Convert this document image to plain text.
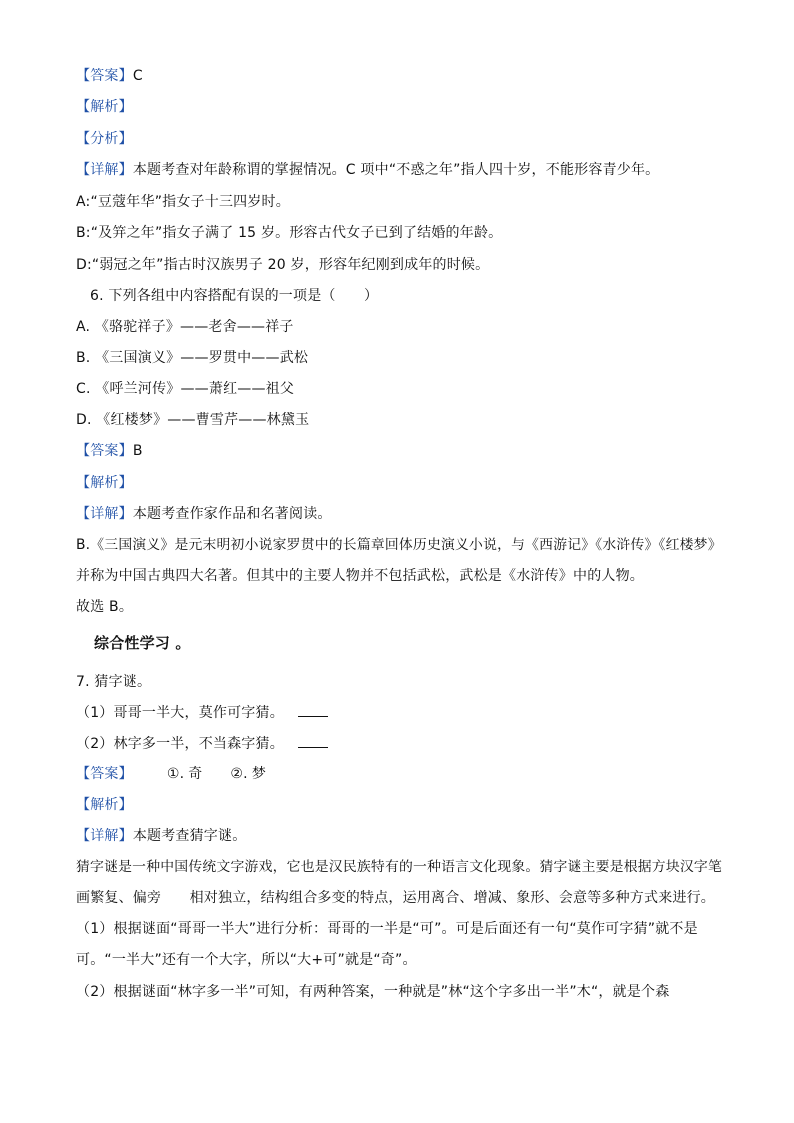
【答案】C
【解析】
【分析】
【详解】本题考查对年龄称谓的掌握情况。C 项中“不惑之年”指人四十岁，不能形容青少年。
A:“豆蔻年华”指女子十三四岁时。
B:“及笄之年”指女子满了 15 岁。形容古代女子已到了结婚的年龄。
D:“弱冠之年”指古时汉族男子 20 岁，形容年纪刚到成年的时候。
6. 下列各组中内容搭配有误的一项是（　　）
A. 《骆驼祥子》——老舍——祥子
B. 《三国演义》——罗贯中——武松
C. 《呼兰河传》——萧红——祖父
D. 《红楼梦》——曹雪芹——林黛玉
【答案】B
【解析】
【详解】本题考查作家作品和名著阅读。
B.《三国演义》是元末明初小说家罗贯中的长篇章回体历史演义小说，与《西游记》《水浒传》《红楼梦》
并称为中国古典四大名著。但其中的主要人物并不包括武松，武松是《水浒传》中的人物。
故选 B。
综合性学习 。
7. 猜字谜。
（1）哥哥一半大，莫作可字猜。
（2）林字多一半，不当森字猜。
【答案】 ①. 奇 ②. 梦
【解析】
【详解】本题考查猜字谜。
猜字谜是一种中国传统文字游戏，它也是汉民族特有的一种语言文化现象。猜字谜主要是根据方块汉字笔
画繁复、偏旁　　相对独立，结构组合多变的特点，运用离合、增减、象形、会意等多种方式来进行。
（1）根据谜面“哥哥一半大”进行分析：哥哥的一半是“可”。可是后面还有一句“莫作可字猜”就不是
可。“一半大”还有一个大字，所以“大+可”就是“奇”。
（2）根据谜面“林字多一半”可知，有两种答案，一种就是”林“这个字多出一半”木“，就是个森
